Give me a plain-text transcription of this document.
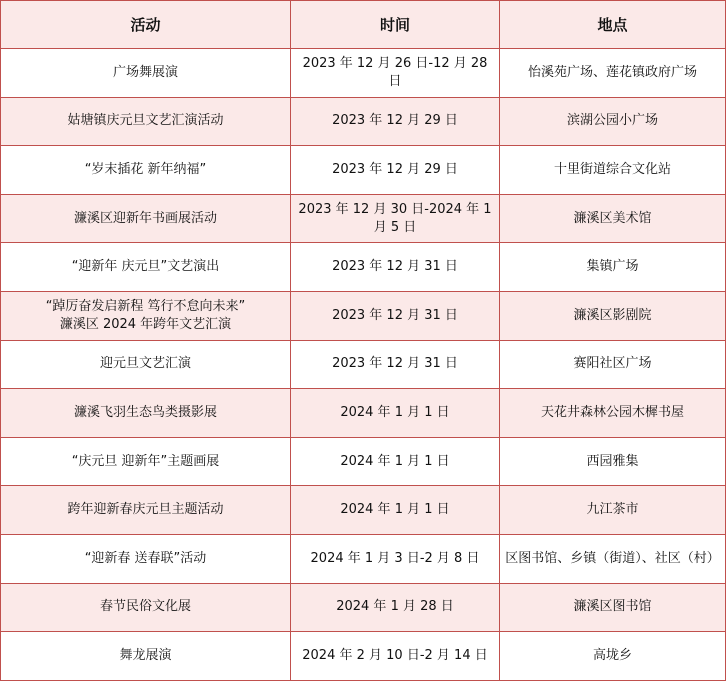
活动	时间	地点
广场舞展演	2023 年 12 月 26 日-12 月 28 日	怡溪苑广场、莲花镇政府广场
姑塘镇庆元旦文艺汇演活动	2023 年 12 月 29 日	滨湖公园小广场
“岁末插花 新年纳福”	2023 年 12 月 29 日	十里街道综合文化站
濂溪区迎新年书画展活动	2023 年 12 月 30 日-2024 年 1 月 5 日	濂溪区美术馆
“迎新年 庆元旦”文艺演出	2023 年 12 月 31 日	集镇广场

“踔厉奋发启新程 笃行不怠向未来”
濂溪区 2024 年跨年文艺汇演	2023 年 12 月 31 日	濂溪区影剧院
迎元旦文艺汇演	2023 年 12 月 31 日	赛阳社区广场
濂溪飞羽生态鸟类摄影展	2024 年 1 月 1 日	天花井森林公园木樨书屋
“庆元旦 迎新年”主题画展	2024 年 1 月 1 日	西园雅集
跨年迎新春庆元旦主题活动	2024 年 1 月 1 日	九江茶市
“迎新春 送春联”活动	2024 年 1 月 3 日-2 月 8 日	区图书馆、乡镇（街道）、社区（村）
春节民俗文化展	2024 年 1 月 28 日	濂溪区图书馆
舞龙展演	2024 年 2 月 10 日-2 月 14 日	高垅乡
